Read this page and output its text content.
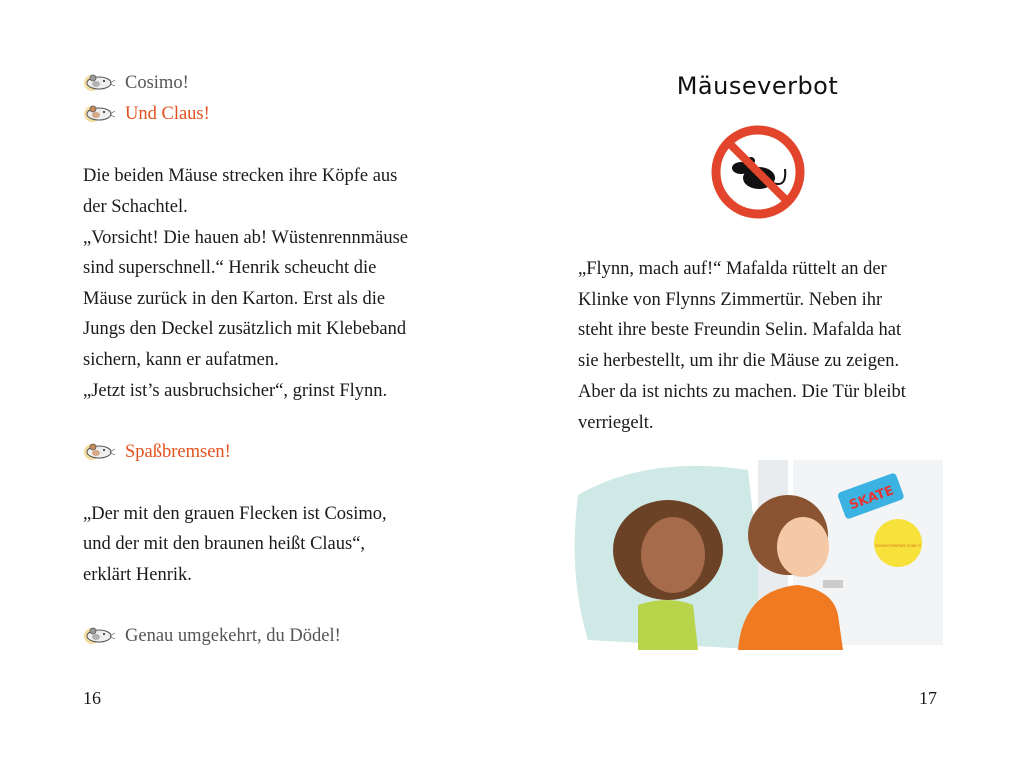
Cosimo!
Und Claus!
Die beiden Mäuse strecken ihre Köpfe aus
der Schachtel.
„Vorsicht! Die hauen ab! Wüstenrennmäuse
sind superschnell.“ Henrik scheucht die
Mäuse zurück in den Karton. Erst als die
Jungs den Deckel zusätzlich mit Klebeband
sichern, kann er aufatmen.
„Jetzt ist’s ausbruchsicher“, grinst Flynn.
Spaßbremsen!
„Der mit den grauen Flecken ist Cosimo,
und der mit den braunen heißt Claus“,
erklärt Henrik.
Genau umgekehrt, du Dödel!
Mäuseverbot
„Flynn, mach auf!“ Mafalda rüttelt an der
Klinke von Flynns Zimmertür. Neben ihr
steht ihre beste Freundin Selin. Mafalda hat
sie herbestellt, um ihr die Mäuse zu zeigen.
Aber da ist nichts zu machen. Die Tür bleibt
verriegelt.
SKATE
SCHWESTERNFREIE ZONE!!!!
16	17
